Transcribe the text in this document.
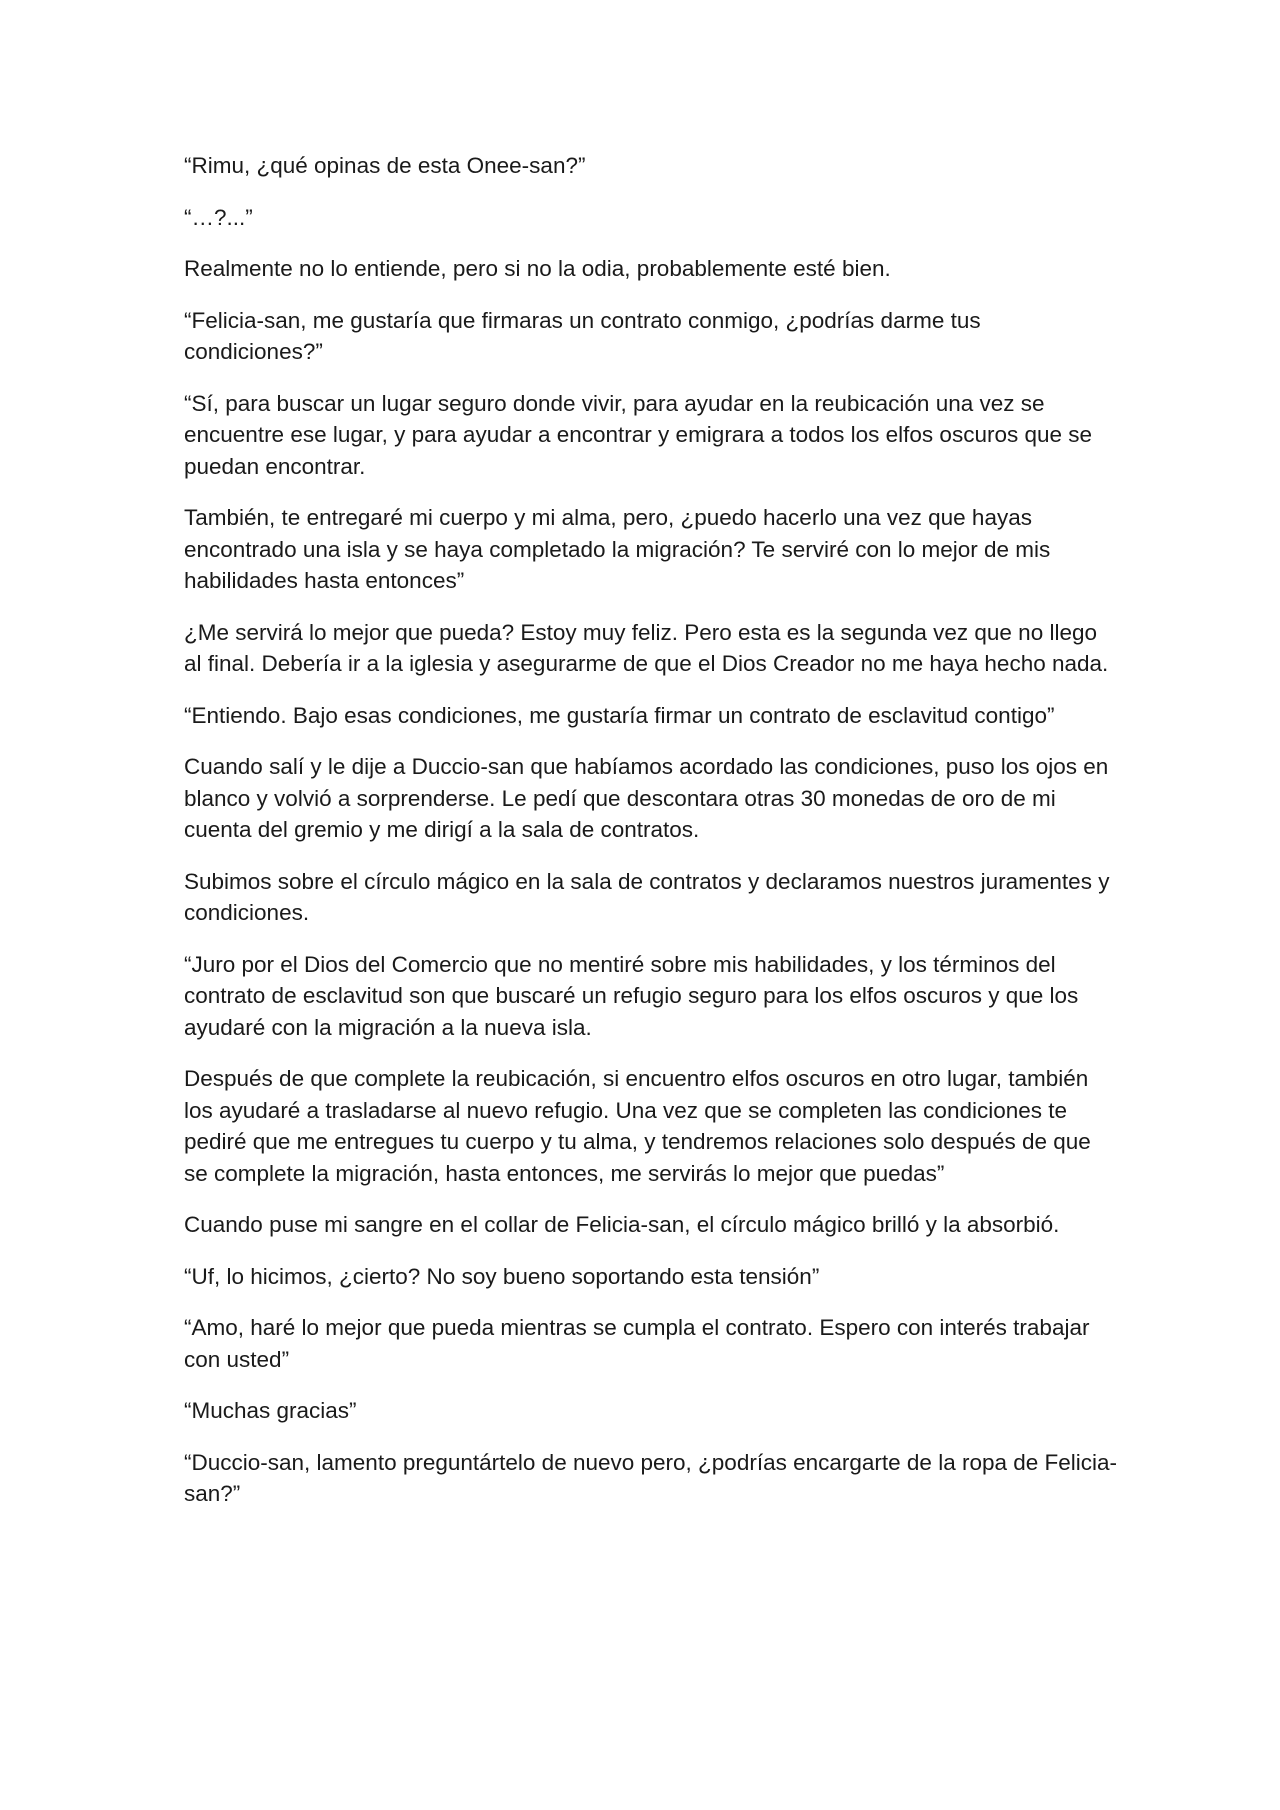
“Rimu, ¿qué opinas de esta Onee-san?”

“…?...”

Realmente no lo entiende, pero si no la odia, probablemente esté bien.

“Felicia-san, me gustaría que firmaras un contrato conmigo, ¿podrías darme tus condiciones?”

“Sí, para buscar un lugar seguro donde vivir, para ayudar en la reubicación una vez se encuentre ese lugar, y para ayudar a encontrar y emigrara a todos los elfos oscuros que se puedan encontrar.

También, te entregaré mi cuerpo y mi alma, pero, ¿puedo hacerlo una vez que hayas encontrado una isla y se haya completado la migración? Te serviré con lo mejor de mis habilidades hasta entonces”

¿Me servirá lo mejor que pueda? Estoy muy feliz. Pero esta es la segunda vez que no llego al final. Debería ir a la iglesia y asegurarme de que el Dios Creador no me haya hecho nada.

“Entiendo. Bajo esas condiciones, me gustaría firmar un contrato de esclavitud contigo”

Cuando salí y le dije a Duccio-san que habíamos acordado las condiciones, puso los ojos en blanco y volvió a sorprenderse. Le pedí que descontara otras 30 monedas de oro de mi cuenta del gremio y me dirigí a la sala de contratos.

Subimos sobre el círculo mágico en la sala de contratos y declaramos nuestros juramentes y condiciones.

“Juro por el Dios del Comercio que no mentiré sobre mis habilidades, y los términos del contrato de esclavitud son que buscaré un refugio seguro para los elfos oscuros y que los ayudaré con la migración a la nueva isla.

Después de que complete la reubicación, si encuentro elfos oscuros en otro lugar, también los ayudaré a trasladarse al nuevo refugio. Una vez que se completen las condiciones te pediré que me entregues tu cuerpo y tu alma, y tendremos relaciones solo después de que se complete la migración, hasta entonces, me servirás lo mejor que puedas”

Cuando puse mi sangre en el collar de Felicia-san, el círculo mágico brilló y la absorbió.

“Uf, lo hicimos, ¿cierto? No soy bueno soportando esta tensión”

“Amo, haré lo mejor que pueda mientras se cumpla el contrato. Espero con interés trabajar con usted”

“Muchas gracias”

“Duccio-san, lamento preguntártelo de nuevo pero, ¿podrías encargarte de la ropa de Felicia-san?”
